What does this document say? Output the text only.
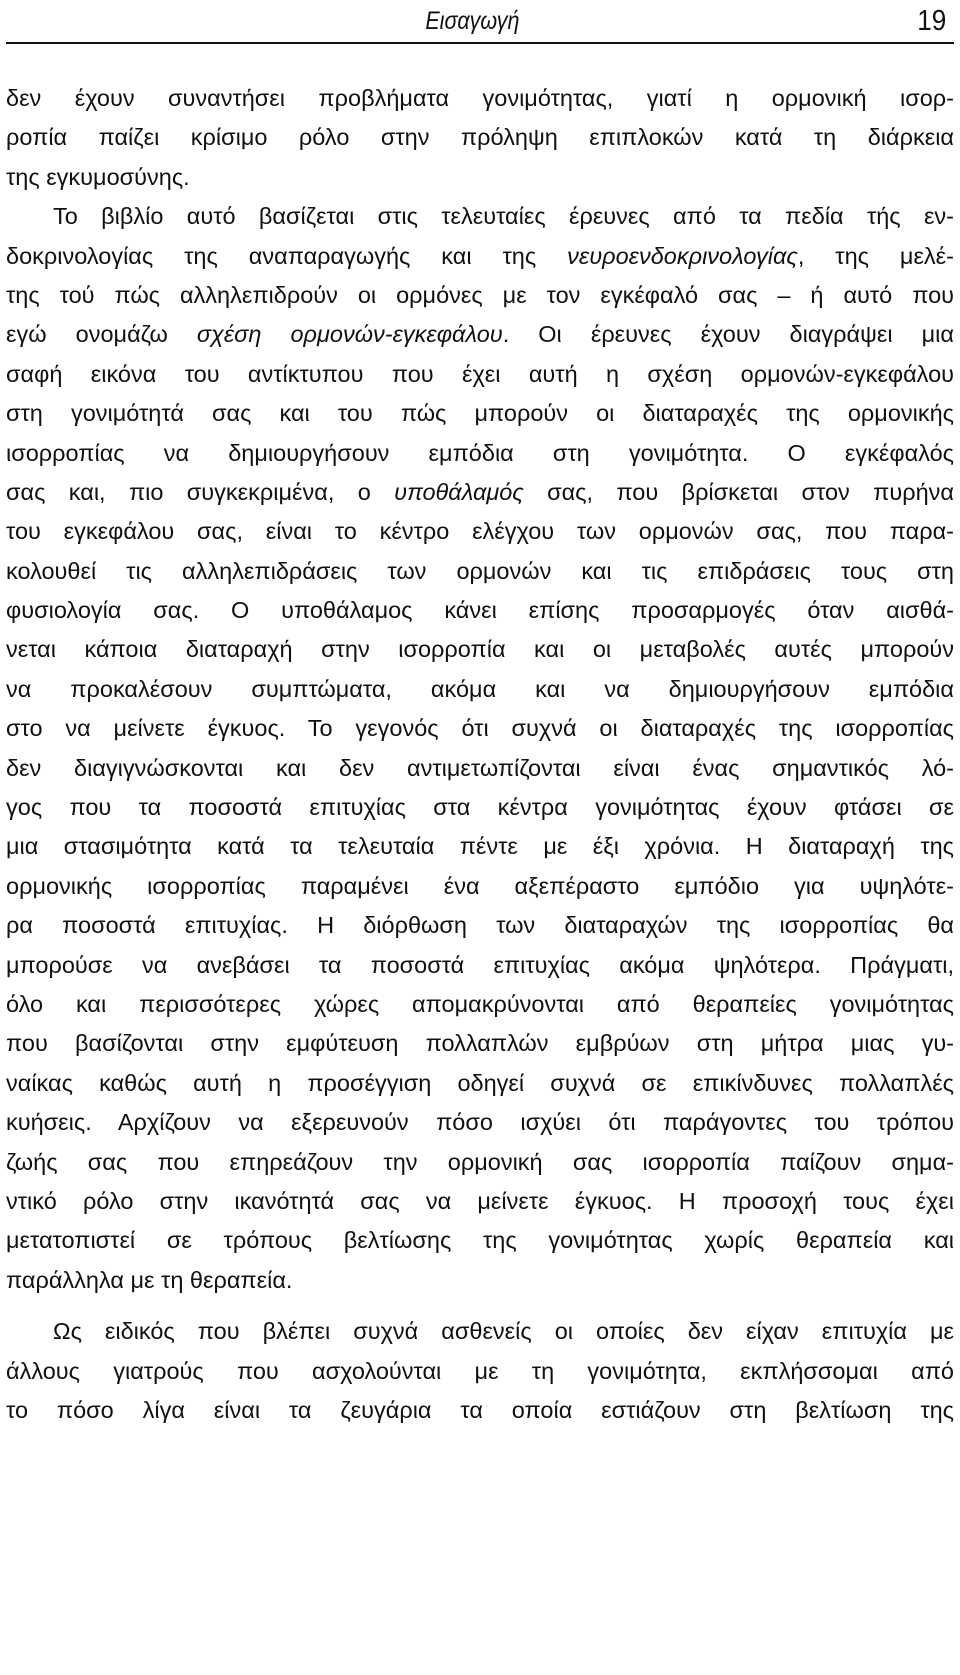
Εισαγωγή	19
δεν έχουν συναντήσει προβλήματα γονιμότητας, γιατί η ορμονική ισορ-
ροπία παίζει κρίσιμο ρόλο στην πρόληψη επιπλοκών κατά τη διάρκεια
της εγκυμοσύνης.
Το βιβλίο αυτό βασίζεται στις τελευταίες έρευνες από τα πεδία τής εν-
δοκρινολογίας της αναπαραγωγής και της νευροενδοκρινολογίας, της μελέ-
της τού πώς αλληλεπιδρούν οι ορμόνες με τον εγκέφαλό σας – ή αυτό που
εγώ ονομάζω σχέση ορμονών-εγκεφάλου. Οι έρευνες έχουν διαγράψει μια
σαφή εικόνα του αντίκτυπου που έχει αυτή η σχέση ορμονών-εγκεφάλου
στη γονιμότητά σας και του πώς μπορούν οι διαταραχές της ορμονικής
ισορροπίας να δημιουργήσουν εμπόδια στη γονιμότητα. Ο εγκέφαλός
σας και, πιο συγκεκριμένα, ο υποθάλαμός σας, που βρίσκεται στον πυρήνα
του εγκεφάλου σας, είναι το κέντρο ελέγχου των ορμονών σας, που παρα-
κολουθεί τις αλληλεπιδράσεις των ορμονών και τις επιδράσεις τους στη
φυσιολογία σας. Ο υποθάλαμος κάνει επίσης προσαρμογές όταν αισθά-
νεται κάποια διαταραχή στην ισορροπία και οι μεταβολές αυτές μπορούν
να προκαλέσουν συμπτώματα, ακόμα και να δημιουργήσουν εμπόδια
στο να μείνετε έγκυος. Το γεγονός ότι συχνά οι διαταραχές της ισορροπίας
δεν διαγιγνώσκονται και δεν αντιμετωπίζονται είναι ένας σημαντικός λό-
γος που τα ποσοστά επιτυχίας στα κέντρα γονιμότητας έχουν φτάσει σε
μια στασιμότητα κατά τα τελευταία πέντε με έξι χρόνια. Η διαταραχή της
ορμονικής ισορροπίας παραμένει ένα αξεπέραστο εμπόδιο για υψηλότε-
ρα ποσοστά επιτυχίας. Η διόρθωση των διαταραχών της ισορροπίας θα
μπορούσε να ανεβάσει τα ποσοστά επιτυχίας ακόμα ψηλότερα. Πράγματι,
όλο και περισσότερες χώρες απομακρύνονται από θεραπείες γονιμότητας
που βασίζονται στην εμφύτευση πολλαπλών εμβρύων στη μήτρα μιας γυ-
ναίκας καθώς αυτή η προσέγγιση οδηγεί συχνά σε επικίνδυνες πολλαπλές
κυήσεις. Αρχίζουν να εξερευνούν πόσο ισχύει ότι παράγοντες του τρόπου
ζωής σας που επηρεάζουν την ορμονική σας ισορροπία παίζουν σημα-
ντικό ρόλο στην ικανότητά σας να μείνετε έγκυος. Η προσοχή τους έχει
μετατοπιστεί σε τρόπους βελτίωσης της γονιμότητας χωρίς θεραπεία και
παράλληλα με τη θεραπεία.
Ως ειδικός που βλέπει συχνά ασθενείς οι οποίες δεν είχαν επιτυχία με
άλλους γιατρούς που ασχολούνται με τη γονιμότητα, εκπλήσσομαι από
το πόσο λίγα είναι τα ζευγάρια τα οποία εστιάζουν στη βελτίωση της
